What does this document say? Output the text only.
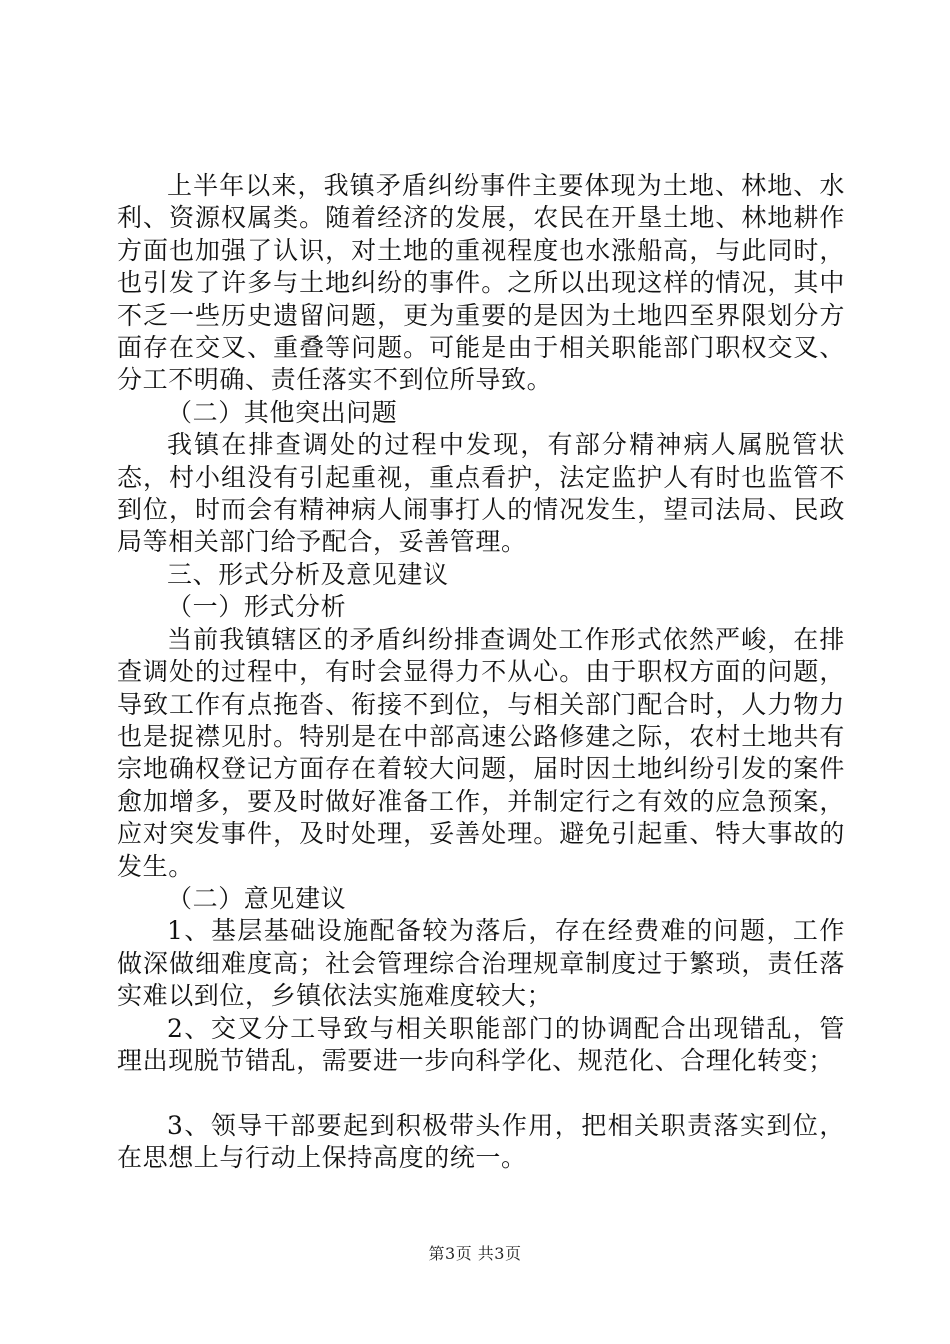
上半年以来，我镇矛盾纠纷事件主要体现为土地、林地、水利、资源权属类。随着经济的发展，农民在开垦土地、林地耕作方面也加强了认识，对土地的重视程度也水涨船高，与此同时，也引发了许多与土地纠纷的事件。之所以出现这样的情况，其中不乏一些历史遗留问题，更为重要的是因为土地四至界限划分方面存在交叉、重叠等问题。可能是由于相关职能部门职权交叉、分工不明确、责任落实不到位所导致。

（二）其他突出问题

我镇在排查调处的过程中发现，有部分精神病人属脱管状态，村小组没有引起重视，重点看护，法定监护人有时也监管不到位，时而会有精神病人闹事打人的情况发生，望司法局、民政局等相关部门给予配合，妥善管理。

三、形式分析及意见建议

（一）形式分析

当前我镇辖区的矛盾纠纷排查调处工作形式依然严峻，在排查调处的过程中，有时会显得力不从心。由于职权方面的问题，导致工作有点拖沓、衔接不到位，与相关部门配合时，人力物力也是捉襟见肘。特别是在中部高速公路修建之际，农村土地共有宗地确权登记方面存在着较大问题，届时因土地纠纷引发的案件愈加增多，要及时做好准备工作，并制定行之有效的应急预案，应对突发事件，及时处理，妥善处理。避免引起重、特大事故的发生。

（二）意见建议

1、基层基础设施配备较为落后，存在经费难的问题，工作做深做细难度高；社会管理综合治理规章制度过于繁琐，责任落实难以到位，乡镇依法实施难度较大；

2、交叉分工导致与相关职能部门的协调配合出现错乱，管理出现脱节错乱，需要进一步向科学化、规范化、合理化转变；

3、领导干部要起到积极带头作用，把相关职责落实到位，在思想上与行动上保持高度的统一。

第3页 共3页
